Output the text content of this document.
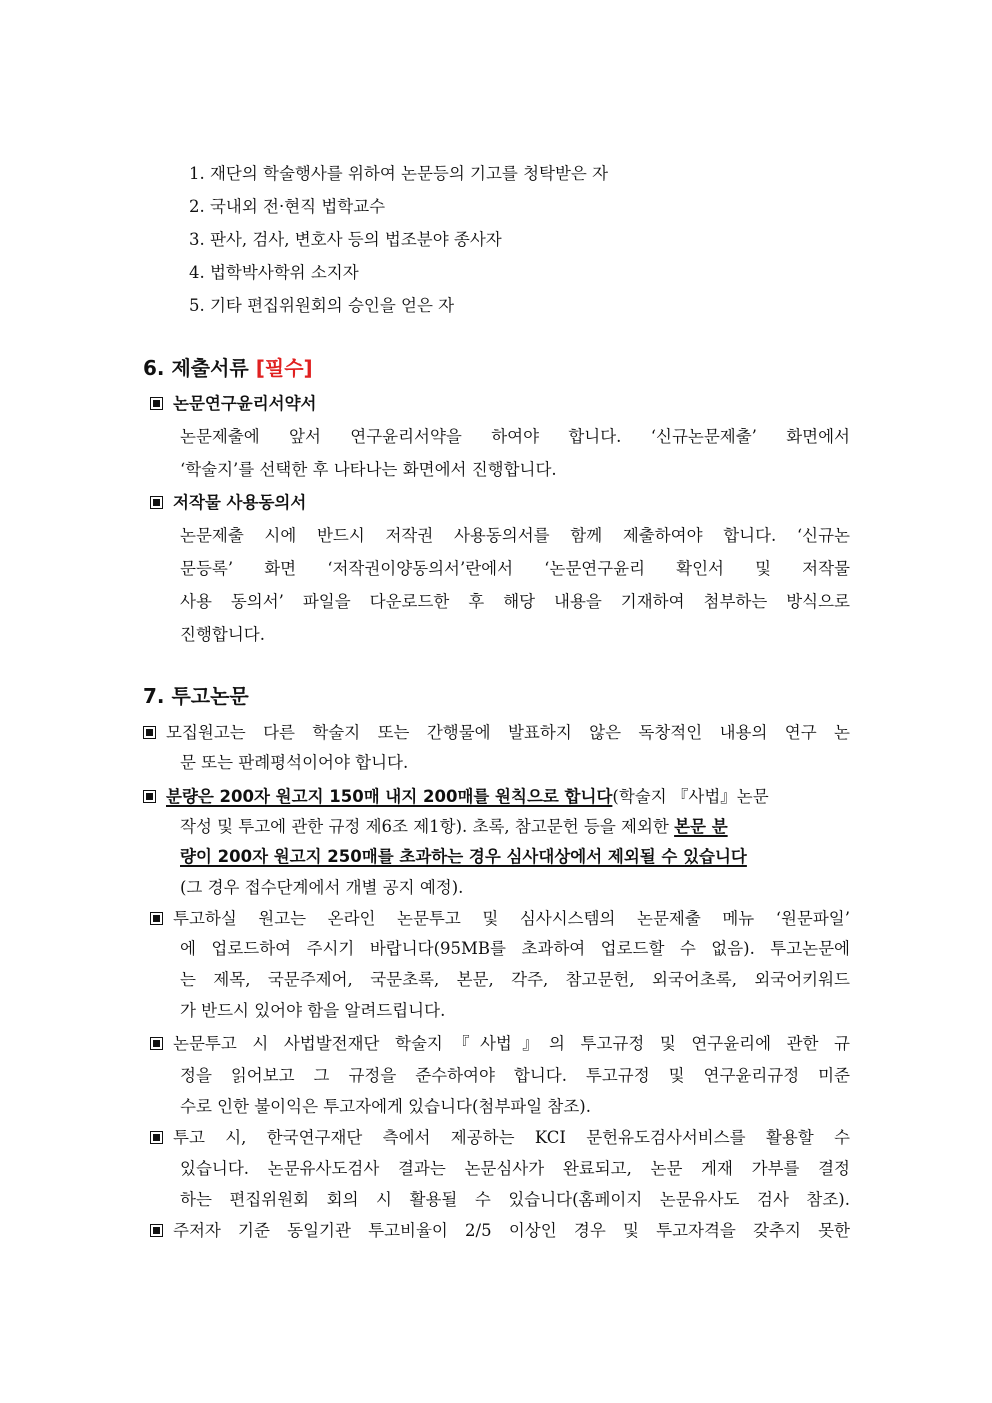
1. 재단의 학술행사를 위하여 논문등의 기고를 청탁받은 자
2. 국내외 전·현직 법학교수
3. 판사, 검사, 변호사 등의 법조분야 종사자
4. 법학박사학위 소지자
5. 기타 편집위원회의 승인을 얻은 자
6. 제출서류 [필수]
논문연구윤리서약서
논문제출에 앞서 연구윤리서약을 하여야 합니다. ‘신규논문제출’ 화면에서
‘학술지’를 선택한 후 나타나는 화면에서 진행합니다.
저작물 사용동의서
논문제출 시에 반드시 저작권 사용동의서를 함께 제출하여야 합니다. ‘신규논
문등록’ 화면 ‘저작권이양동의서’란에서 ‘논문연구윤리 확인서 및 저작물
사용 동의서’ 파일을 다운로드한 후 해당 내용을 기재하여 첨부하는 방식으로
진행합니다.
7. 투고논문
모집원고는 다른 학술지 또는 간행물에 발표하지 않은 독창적인 내용의 연구 논
문 또는 판례평석이어야 합니다.
분량은 200자 원고지 150매 내지 200매를 원칙으로 합니다(학술지 『사법』논문
작성 및 투고에 관한 규정 제6조 제1항). 초록, 참고문헌 등을 제외한 본문 분
량이 200자 원고지 250매를 초과하는 경우 심사대상에서 제외될 수 있습니다
(그 경우 접수단계에서 개별 공지 예정).
투고하실 원고는 온라인 논문투고 및 심사시스템의 논문제출 메뉴 ‘원문파일’
에 업로드하여 주시기 바랍니다(95MB를 초과하여 업로드할 수 없음). 투고논문에
는 제목, 국문주제어, 국문초록, 본문, 각주, 참고문헌, 외국어초록, 외국어키워드
가 반드시 있어야 함을 알려드립니다.
논문투고 시 사법발전재단 학술지『사법』의 투고규정 및 연구윤리에 관한 규
정을 읽어보고 그 규정을 준수하여야 합니다. 투고규정 및 연구윤리규정 미준
수로 인한 불이익은 투고자에게 있습니다(첨부파일 참조).
투고 시, 한국연구재단 측에서 제공하는 KCI 문헌유도검사서비스를 활용할 수
있습니다. 논문유사도검사 결과는 논문심사가 완료되고, 논문 게재 가부를 결정
하는 편집위원회 회의 시 활용될 수 있습니다(홈페이지 논문유사도 검사 참조).
주저자 기준 동일기관 투고비율이 2/5 이상인 경우 및 투고자격을 갖추지 못한
